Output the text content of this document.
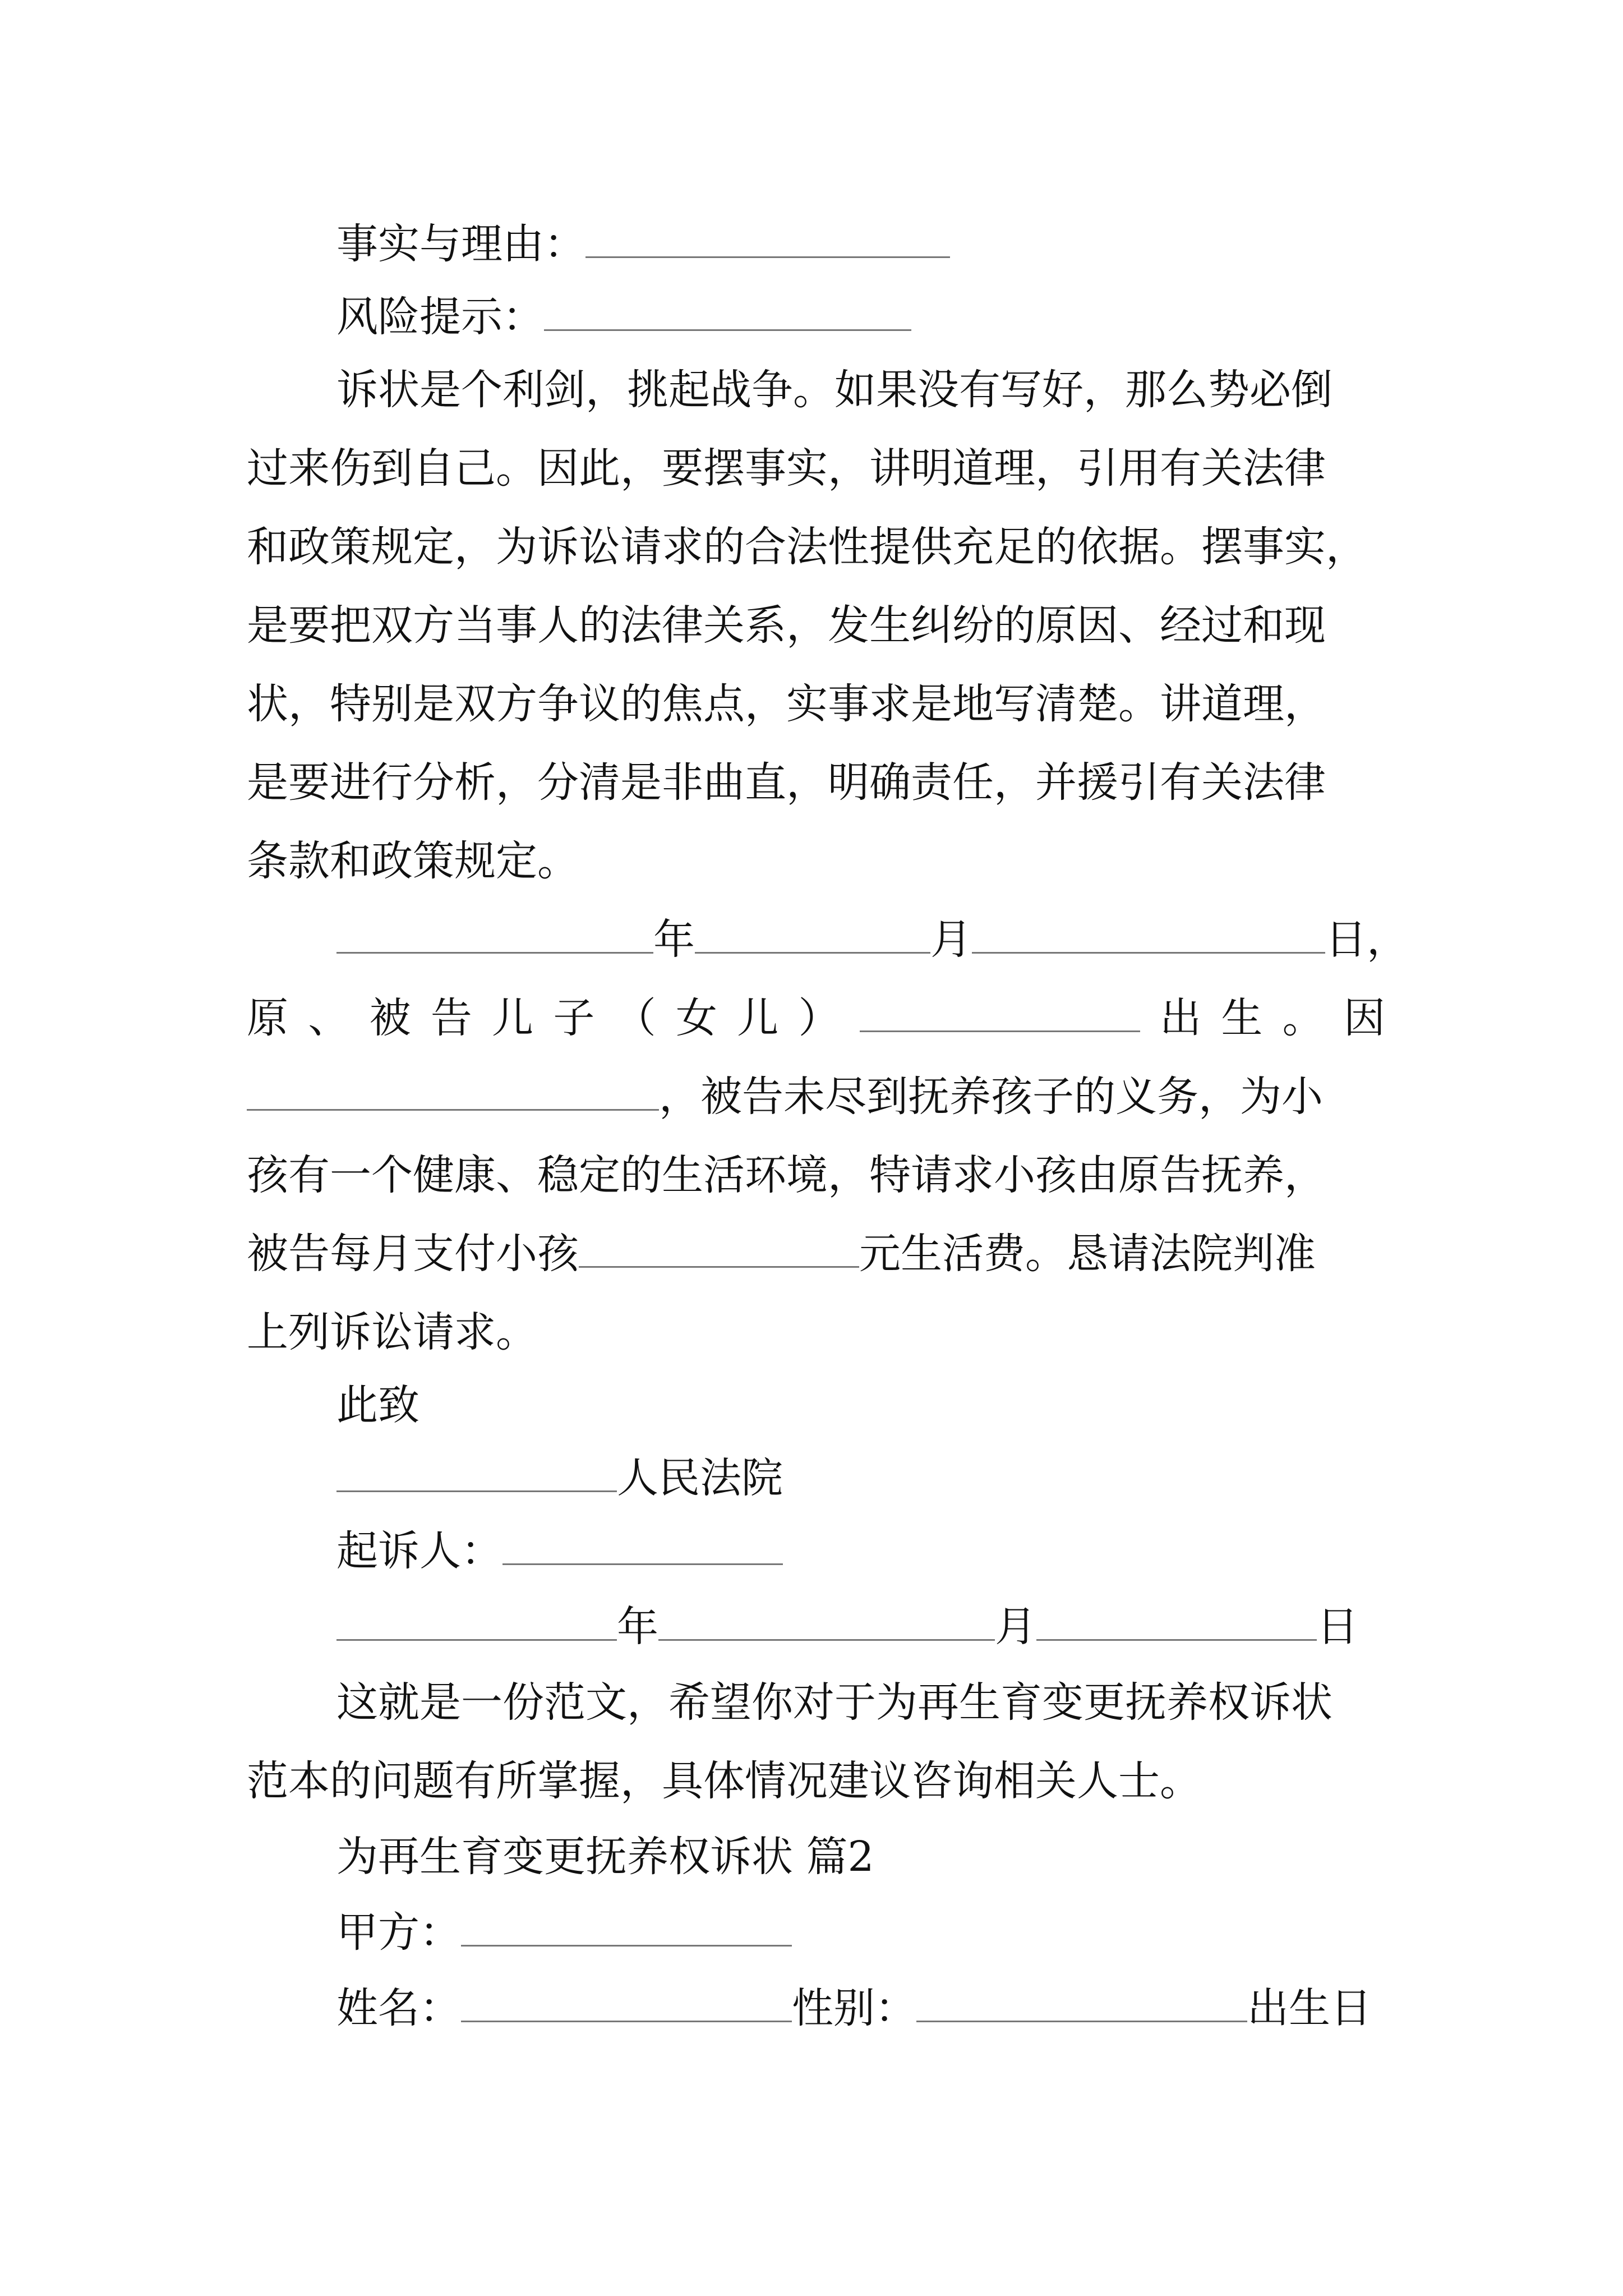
事实与理由：
风险提示：
诉状是个利剑，挑起战争。如果没有写好，那么势必倒
过来伤到自己。因此，要摆事实，讲明道理，引用有关法律
和政策规定，为诉讼请求的合法性提供充足的依据。摆事实，
是要把双方当事人的法律关系，发生纠纷的原因、经过和现
状，特别是双方争议的焦点，实事求是地写清楚。讲道理，
是要进行分析，分清是非曲直，明确责任，并援引有关法律
条款和政策规定。
年	月	日，
原 、 被 告 儿 子 （ 女 儿 ）	出 生 。 因
，被告未尽到抚养孩子的义务，为小
孩有一个健康、稳定的生活环境，特请求小孩由原告抚养，
被告每月支付小孩	元生活费。恳请法院判准
上列诉讼请求。
此致
人民法院
起诉人：
年	月	日
这就是一份范文，希望你对于为再生育变更抚养权诉状
范本的问题有所掌握，具体情况建议咨询相关人士。
为再生育变更抚养权诉状 篇2
甲方：
姓名：	性别：	出生日
